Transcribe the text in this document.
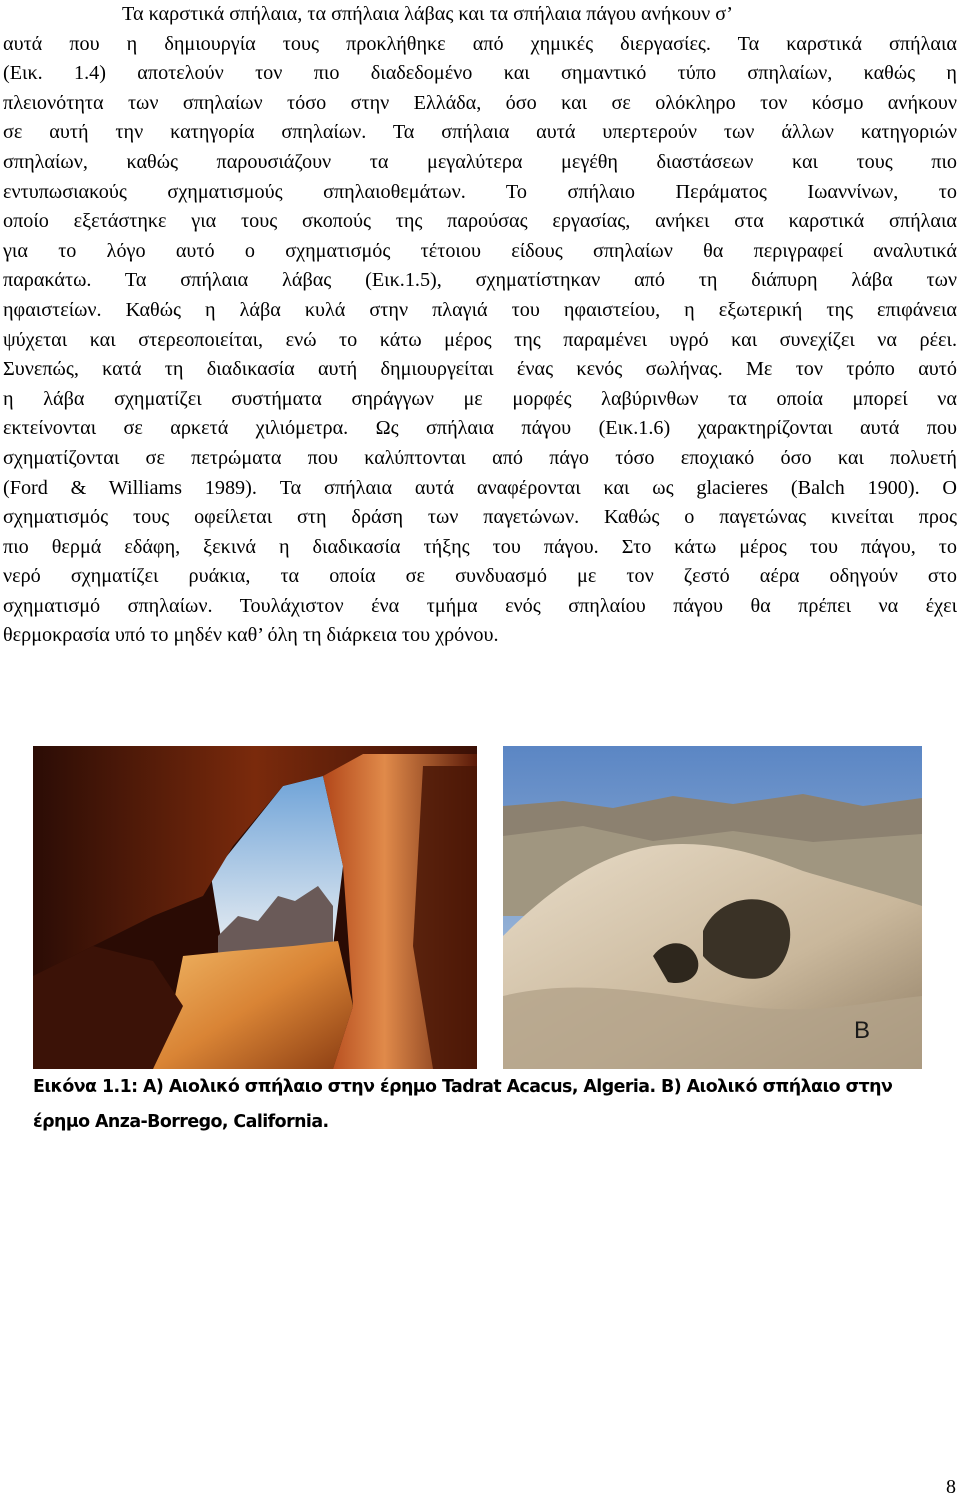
Τα καρστικά σπήλαια, τα σπήλαια λάβας και τα σπήλαια πάγου ανήκουν σ’
αυτά που η δημιουργία τους προκλήθηκε από χημικές διεργασίες. Τα καρστικά σπήλαια
(Εικ. 1.4) αποτελούν τον πιο διαδεδομένο και σημαντικό τύπο σπηλαίων, καθώς η
πλειονότητα των σπηλαίων τόσο στην Ελλάδα, όσο και σε ολόκληρο τον κόσμο ανήκουν
σε αυτή την κατηγορία σπηλαίων. Τα σπήλαια αυτά υπερτερούν των άλλων κατηγοριών
σπηλαίων, καθώς παρουσιάζουν τα μεγαλύτερα μεγέθη διαστάσεων και τους πιο
εντυπωσιακούς σχηματισμούς σπηλαιοθεμάτων. Το σπήλαιο Περάματος Ιωαννίνων, το
οποίο εξετάστηκε για τους σκοπούς της παρούσας εργασίας, ανήκει στα καρστικά σπήλαια
για το λόγο αυτό ο σχηματισμός τέτοιου είδους σπηλαίων θα περιγραφεί αναλυτικά
παρακάτω. Τα σπήλαια λάβας (Εικ.1.5), σχηματίστηκαν από τη διάπυρη λάβα των
ηφαιστείων. Καθώς η λάβα κυλά στην πλαγιά του ηφαιστείου, η εξωτερική της επιφάνεια
ψύχεται και στερεοποιείται, ενώ το κάτω μέρος της παραμένει υγρό και συνεχίζει να ρέει.
Συνεπώς, κατά τη διαδικασία αυτή δημιουργείται ένας κενός σωλήνας. Με τον τρόπο αυτό
η λάβα σχηματίζει συστήματα σηράγγων με μορφές λαβύρινθων τα οποία μπορεί να
εκτείνονται σε αρκετά χιλιόμετρα. Ως σπήλαια πάγου (Εικ.1.6) χαρακτηρίζονται αυτά που
σχηματίζονται σε πετρώματα που καλύπτονται από πάγο τόσο εποχιακό όσο και πολυετή
(Ford & Williams 1989). Τα σπήλαια αυτά αναφέρονται και ως glacieres (Balch 1900). Ο
σχηματισμός τους οφείλεται στη δράση των παγετώνων. Καθώς ο παγετώνας κινείται προς
πιο θερμά εδάφη, ξεκινά η διαδικασία τήξης του πάγου. Στο κάτω μέρος του πάγου, το
νερό σχηματίζει ρυάκια, τα οποία σε συνδυασμό με τον ζεστό αέρα οδηγούν στο
σχηματισμό σπηλαίων. Τουλάχιστον ένα τμήμα ενός σπηλαίου πάγου θα πρέπει να έχει
θερμοκρασία υπό το μηδέν καθ’ όλη τη διάρκεια του χρόνου.
B
Εικόνα 1.1: Α) Αιολικό σπήλαιο στην έρημο Tadrat Acacus, Algeria. Β) Αιολικό σπήλαιο στην
έρημο Anza-Borrego, California.
8
